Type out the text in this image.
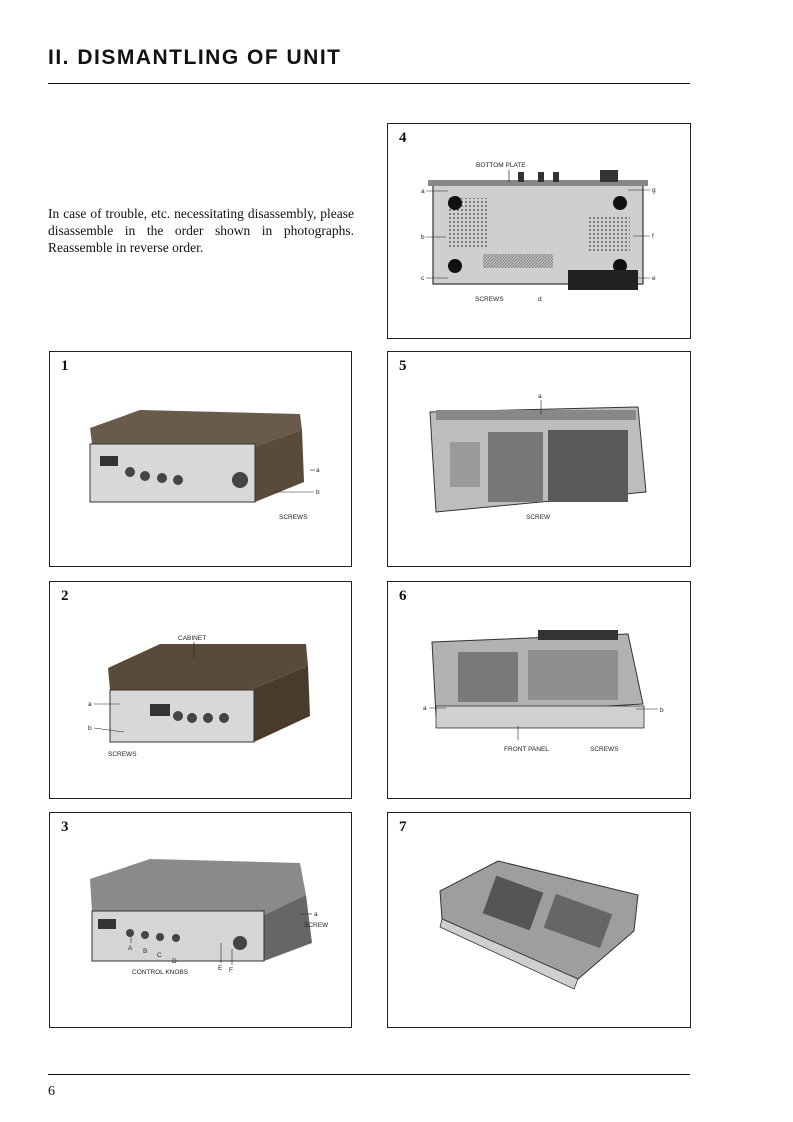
II. DISMANTLING OF UNIT

In case of trouble, etc. necessitating disassembly, please disassemble in the order shown in photographs. Reassemble in reverse order.

4
BOTTOM PLATE
a
b
c
d
e
f
g
SCREWS
1
a
b
SCREWS
5
a
SCREW
2
CABINET
a
b
SCREWS
6
a	b
FRONT PANEL	SCREWS
3
a
SCREW
A B
C
D
E F
CONTROL KNOBS
7
6
